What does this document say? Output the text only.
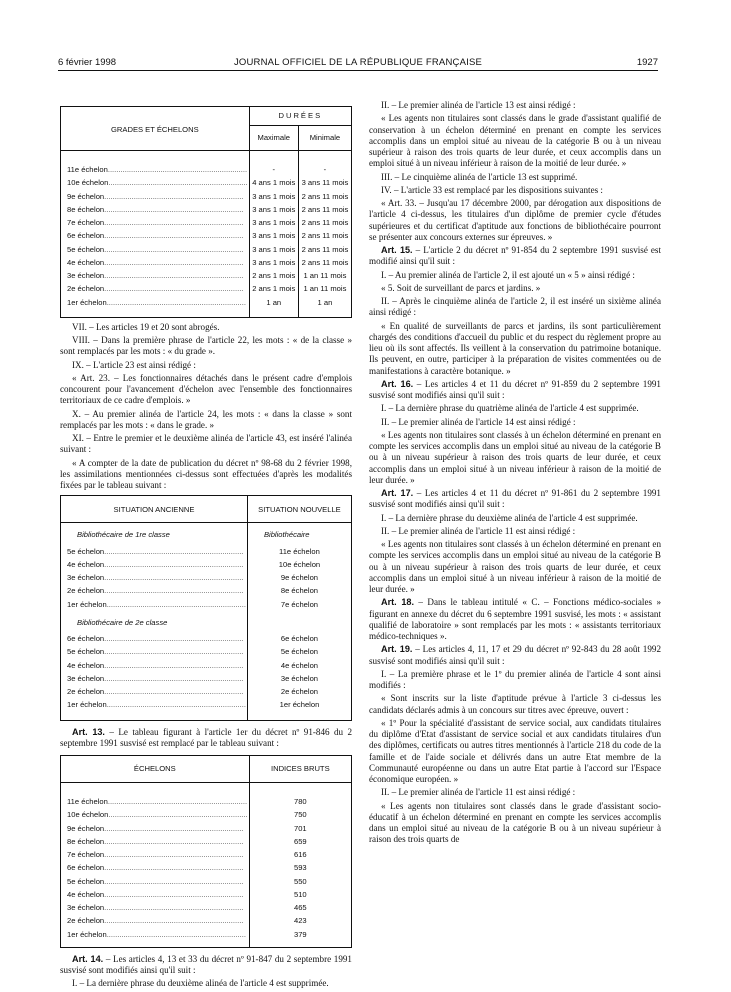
6 février 1998	JOURNAL OFFICIEL DE LA RÉPUBLIQUE FRANÇAISE	1927
GRADES ET ÉCHELONS	DURÉES	
	Maximale	Minimale

11e échelon..................................................................	-	-
10e échelon..................................................................	4 ans 1 mois	3 ans 11 mois
9e échelon..................................................................	3 ans 1 mois	2 ans 11 mois
8e échelon..................................................................	3 ans 1 mois	2 ans 11 mois
7e échelon..................................................................	3 ans 1 mois	2 ans 11 mois
6e échelon..................................................................	3 ans 1 mois	2 ans 11 mois
5e échelon..................................................................	3 ans 1 mois	2 ans 11 mois
4e échelon..................................................................	3 ans 1 mois	2 ans 11 mois
3e échelon..................................................................	2 ans 1 mois	1 an 11 mois
2e échelon..................................................................	2 ans 1 mois	1 an 11 mois
1er échelon..................................................................	1 an	1 an

VII. – Les articles 19 et 20 sont abrogés.

VIII. – Dans la première phrase de l'article 22, les mots : « de la classe » sont remplacés par les mots : « du grade ».

IX. – L'article 23 est ainsi rédigé :

« Art. 23. – Les fonctionnaires détachés dans le présent cadre d'emplois concourent pour l'avancement d'échelon avec l'ensemble des fonctionnaires territoriaux de ce cadre d'emplois. »

X. – Au premier alinéa de l'article 24, les mots : « dans la classe » sont remplacés par les mots : « dans le grade. »

XI. – Entre le premier et le deuxième alinéa de l'article 43, est inséré l'alinéa suivant :

« A compter de la date de publication du décret nº 98-68 du 2 février 1998, les assimilations mentionnées ci-dessus sont effectuées d'après les modalités fixées par le tableau suivant :

SITUATION ANCIENNE	SITUATION NOUVELLE
Bibliothécaire de 1re classe	Bibliothécaire
5e échelon..................................................................	11e échelon
4e échelon..................................................................	10e échelon
3e échelon..................................................................	9e échelon
2e échelon..................................................................	8e échelon
1er échelon..................................................................	7e échelon
Bibliothécaire de 2e classe	
6e échelon..................................................................	6e échelon
5e échelon..................................................................	5e échelon
4e échelon..................................................................	4e échelon
3e échelon..................................................................	3e échelon
2e échelon..................................................................	2e échelon
1er échelon..................................................................	1er échelon

Art. 13. – Le tableau figurant à l'article 1er du décret nº 91-846 du 2 septembre 1991 susvisé est remplacé par le tableau suivant :

ÉCHELONS	INDICES BRUTS

11e échelon..................................................................	780
10e échelon..................................................................	750
9e échelon..................................................................	701
8e échelon..................................................................	659
7e échelon..................................................................	616
6e échelon..................................................................	593
5e échelon..................................................................	550
4e échelon..................................................................	510
3e échelon..................................................................	465
2e échelon..................................................................	423
1er échelon..................................................................	379

Art. 14. – Les articles 4, 13 et 33 du décret nº 91-847 du 2 septembre 1991 susvisé sont modifiés ainsi qu'il suit :

I. – La dernière phrase du deuxième alinéa de l'article 4 est supprimée.

II. – Le premier alinéa de l'article 13 est ainsi rédigé :

« Les agents non titulaires sont classés dans le grade d'assistant qualifié de conservation à un échelon déterminé en prenant en compte les services accomplis dans un emploi situé au niveau de la catégorie B ou à un niveau supérieur à raison des trois quarts de leur durée, et ceux accomplis dans un emploi situé à un niveau inférieur à raison de la moitié de leur durée. »

III. – Le cinquième alinéa de l'article 13 est supprimé.

IV. – L'article 33 est remplacé par les dispositions suivantes :

« Art. 33. – Jusqu'au 17 décembre 2000, par dérogation aux dispositions de l'article 4 ci-dessus, les titulaires d'un diplôme de premier cycle d'études supérieures et du certificat d'aptitude aux fonctions de bibliothécaire pourront se présenter aux concours externes sur épreuves. »

Art. 15. – L'article 2 du décret nº 91-854 du 2 septembre 1991 susvisé est modifié ainsi qu'il suit :

I. – Au premier alinéa de l'article 2, il est ajouté un « 5 » ainsi rédigé :

« 5. Soit de surveillant de parcs et jardins. »

II. – Après le cinquième alinéa de l'article 2, il est inséré un sixième alinéa ainsi rédigé :

« En qualité de surveillants de parcs et jardins, ils sont particulièrement chargés des conditions d'accueil du public et du respect du règlement propre au lieu où ils sont affectés. Ils veillent à la conservation du patrimoine botanique. Ils peuvent, en outre, participer à la préparation de visites commentées ou de manifestations à caractère botanique. »

Art. 16. – Les articles 4 et 11 du décret nº 91-859 du 2 septembre 1991 susvisé sont modifiés ainsi qu'il suit :

I. – La dernière phrase du quatrième alinéa de l'article 4 est supprimée.

II. – Le premier alinéa de l'article 14 est ainsi rédigé :

« Les agents non titulaires sont classés à un échelon déterminé en prenant en compte les services accomplis dans un emploi situé au niveau de la catégorie B ou à un niveau supérieur à raison des trois quarts de leur durée, et ceux accomplis dans un emploi situé à un niveau inférieur à raison de la moitié de leur durée. »

Art. 17. – Les articles 4 et 11 du décret nº 91-861 du 2 septembre 1991 susvisé sont modifiés ainsi qu'il suit :

I. – La dernière phrase du deuxième alinéa de l'article 4 est supprimée.

II. – Le premier alinéa de l'article 11 est ainsi rédigé :

« Les agents non titulaires sont classés à un échelon déterminé en prenant en compte les services accomplis dans un emploi situé au niveau de la catégorie B ou à un niveau supérieur à raison des trois quarts de leur durée, et ceux accomplis dans un emploi situé à un niveau inférieur à raison de la moitié de leur durée. »

Art. 18. – Dans le tableau intitulé « C. – Fonctions médico-sociales » figurant en annexe du décret du 6 septembre 1991 susvisé, les mots : « assistant qualifié de laboratoire » sont remplacés par les mots : « assistants territoriaux médico-techniques ».

Art. 19. – Les articles 4, 11, 17 et 29 du décret nº 92-843 du 28 août 1992 susvisé sont modifiés ainsi qu'il suit :

I. – La première phrase et le 1º du premier alinéa de l'article 4 sont ainsi modifiés :

« Sont inscrits sur la liste d'aptitude prévue à l'article 3 ci-dessus les candidats déclarés admis à un concours sur titres avec épreuve, ouvert :

« 1º Pour la spécialité d'assistant de service social, aux candidats titulaires du diplôme d'Etat d'assistant de service social et aux candidats titulaires d'un des diplômes, certificats ou autres titres mentionnés à l'article 218 du code de la famille et de l'aide sociale et délivrés dans un autre Etat membre de la Communauté européenne ou dans un autre Etat partie à l'accord sur l'Espace économique européen. »

II. – Le premier alinéa de l'article 11 est ainsi rédigé :

« Les agents non titulaires sont classés dans le grade d'assistant socio-éducatif à un échelon déterminé en prenant en compte les services accomplis dans un emploi situé au niveau de la catégorie B ou à un niveau supérieur à raison des trois quarts de
